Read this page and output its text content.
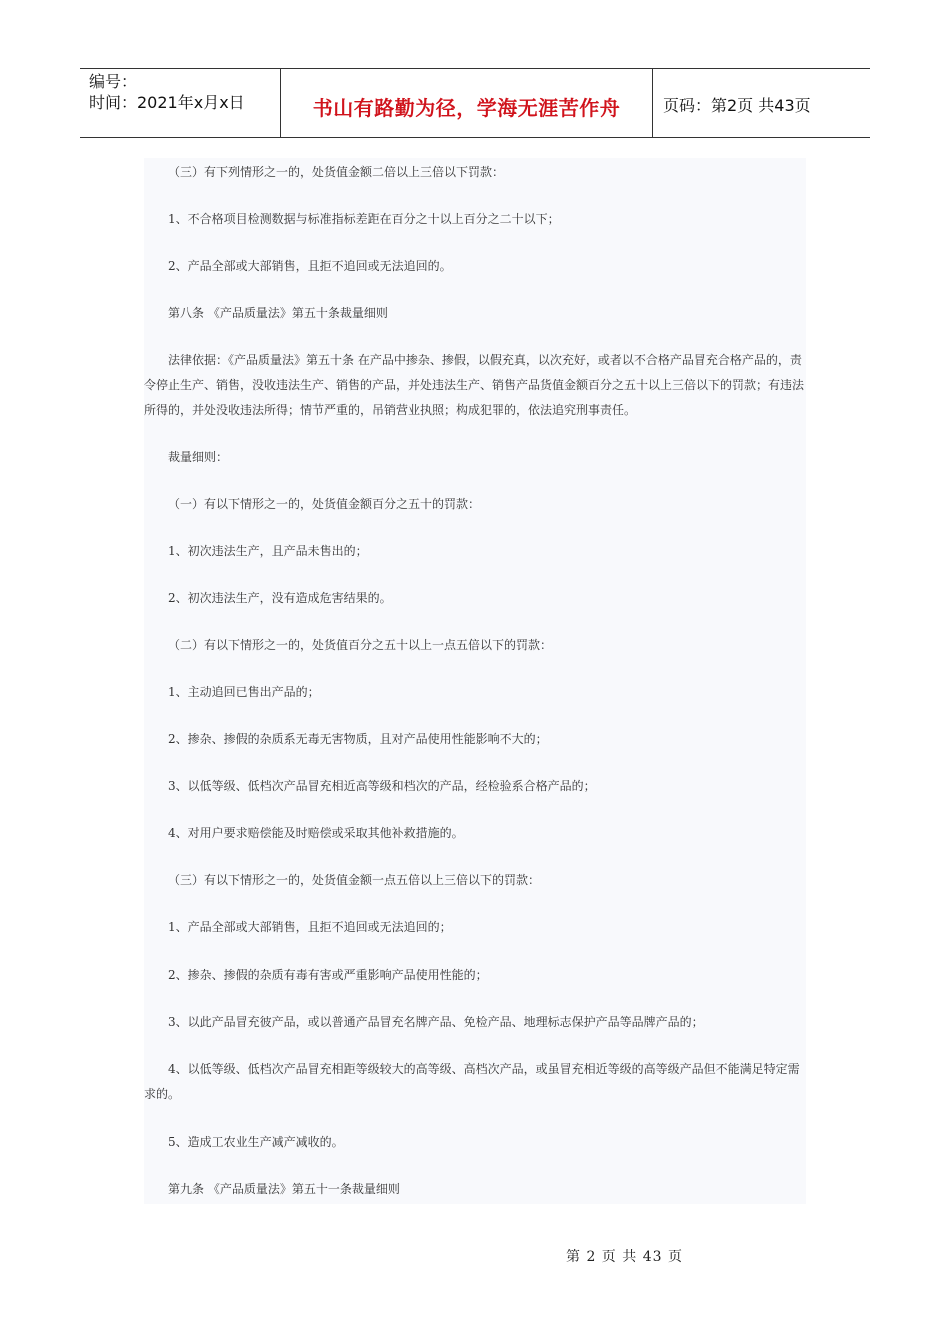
编号：
时间：2021年x月x日	书山有路勤为径，学海无涯苦作舟	页码：第2页 共43页

（三）有下列情形之一的，处货值金额二倍以上三倍以下罚款：

1、不合格项目检测数据与标准指标差距在百分之十以上百分之二十以下；

2、产品全部或大部销售，且拒不追回或无法追回的。

第八条 《产品质量法》第五十条裁量细则

法律依据：《产品质量法》第五十条 在产品中掺杂、掺假，以假充真，以次充好，或者以不合格产品冒充合格产品的，责令停止生产、销售，没收违法生产、销售的产品，并处违法生产、销售产品货值金额百分之五十以上三倍以下的罚款；有违法所得的，并处没收违法所得；情节严重的，吊销营业执照；构成犯罪的，依法追究刑事责任。

裁量细则：

（一）有以下情形之一的，处货值金额百分之五十的罚款：

1、初次违法生产，且产品未售出的；

2、初次违法生产，没有造成危害结果的。

（二）有以下情形之一的，处货值百分之五十以上一点五倍以下的罚款：

1、主动追回已售出产品的；

2、掺杂、掺假的杂质系无毒无害物质，且对产品使用性能影响不大的；

3、以低等级、低档次产品冒充相近高等级和档次的产品，经检验系合格产品的；

4、对用户要求赔偿能及时赔偿或采取其他补救措施的。

（三）有以下情形之一的，处货值金额一点五倍以上三倍以下的罚款：

1、产品全部或大部销售，且拒不追回或无法追回的；

2、掺杂、掺假的杂质有毒有害或严重影响产品使用性能的；

3、以此产品冒充彼产品，或以普通产品冒充名牌产品、免检产品、地理标志保护产品等品牌产品的；

4、以低等级、低档次产品冒充相距等级较大的高等级、高档次产品，或虽冒充相近等级的高等级产品但不能满足特定需求的。

5、造成工农业生产减产减收的。

第九条 《产品质量法》第五十一条裁量细则

第 2 页 共 43 页
